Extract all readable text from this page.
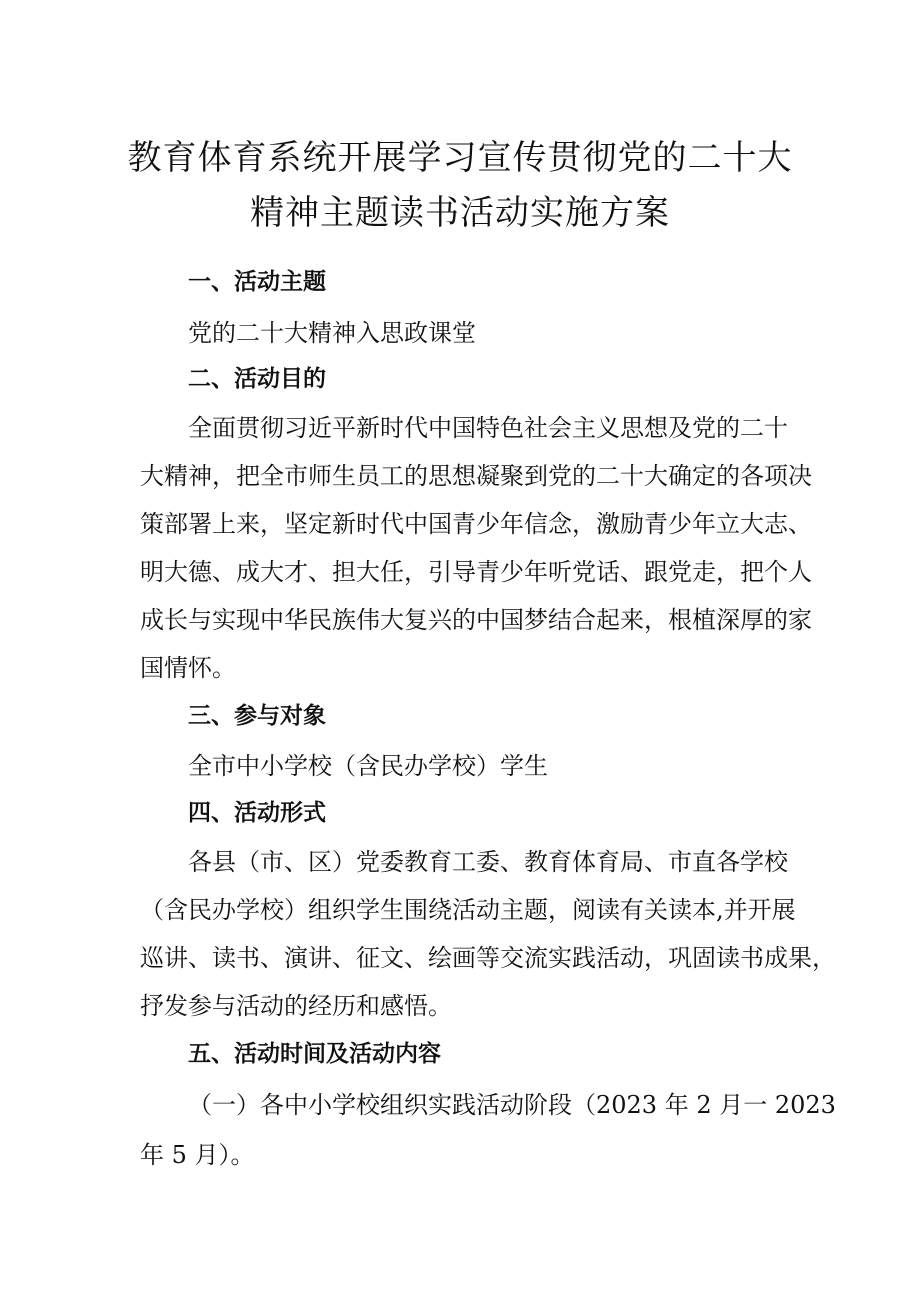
教育体育系统开展学习宣传贯彻党的二十大
精神主题读书活动实施方案
一、活动主题
党的二十大精神入思政课堂
二、活动目的
全面贯彻习近平新时代中国特色社会主义思想及党的二十
大精神，把全市师生员工的思想凝聚到党的二十大确定的各项决
策部署上来，坚定新时代中国青少年信念，激励青少年立大志、
明大德、成大才、担大任，引导青少年听党话、跟党走，把个人
成长与实现中华民族伟大复兴的中国梦结合起来，根植深厚的家
国情怀。
三、参与对象
全市中小学校（含民办学校）学生
四、活动形式
各县（市、区）党委教育工委、教育体育局、市直各学校
（含民办学校）组织学生围绕活动主题，阅读有关读本,并开展
巡讲、读书、演讲、征文、绘画等交流实践活动，巩固读书成果，
抒发参与活动的经历和感悟。
五、活动时间及活动内容
（一）各中小学校组织实践活动阶段（2023 年 2 月一 2023
年 5 月）。
